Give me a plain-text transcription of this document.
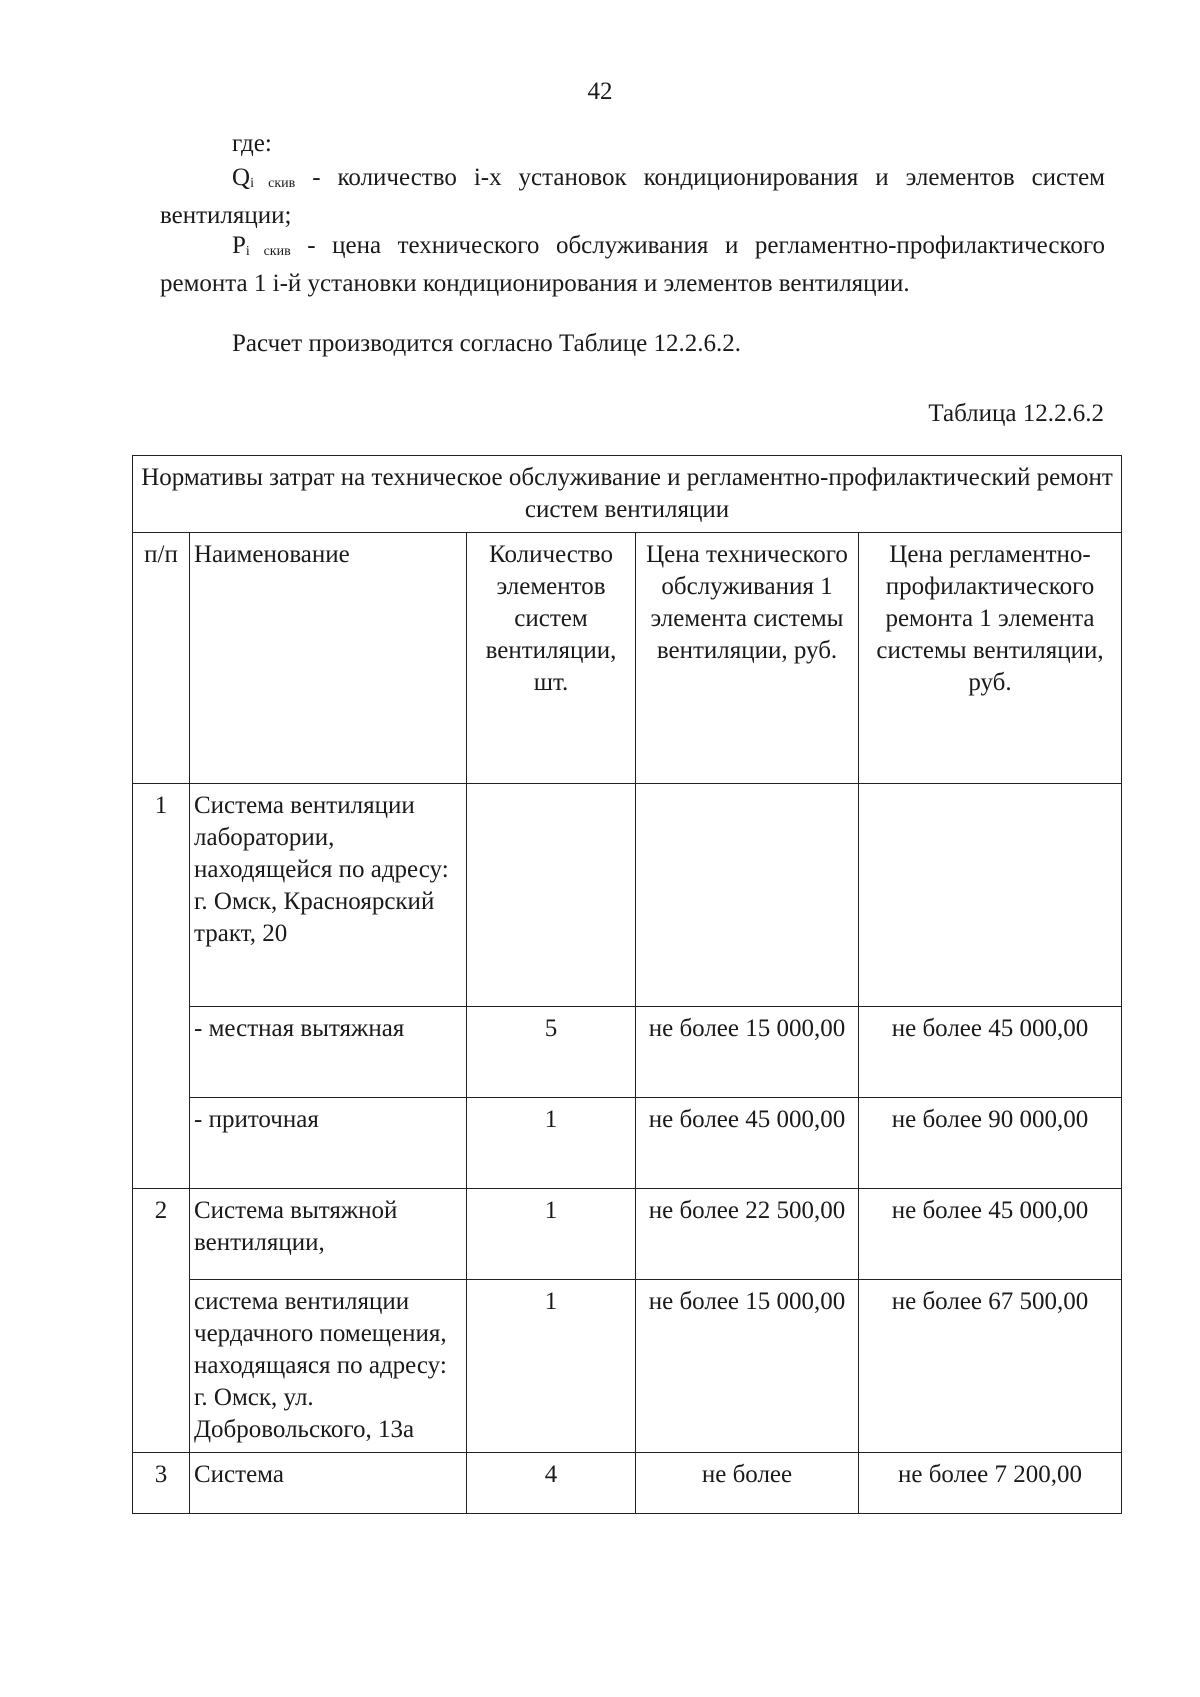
42
где:
$Q_{i скив}$ - количество i-х установок кондиционирования и элементов систем вентиляции;
$P_{i скив}$ - цена технического обслуживания и регламентно-профилактического ремонта 1 i-й установки кондиционирования и элементов вентиляции.
Расчет производится согласно Таблице 12.2.6.2.
Таблица 12.2.6.2
Нормативы затрат на техническое обслуживание и регламентно-профилактический ремонт систем вентиляции				
п/п	Наименование	Количество элементов систем вентиляции, шт.	Цена технического обслуживания 1 элемента системы вентиляции, руб.	Цена регламентно-профилактического ремонта 1 элемента системы вентиляции, руб.
1	Система вентиляции лаборатории, находящейся по адресу: г. Омск, Красноярский тракт, 20			
	- местная вытяжная	5	не более 15 000,00	не более 45 000,00
	- приточная	1	не более 45 000,00	не более 90 000,00
2	Система вытяжной вентиляции,	1	не более 22 500,00	не более 45 000,00
	система вентиляции чердачного помещения, находящаяся по адресу: г. Омск, ул. Добровольского, 13а	1	не более 15 000,00	не более 67 500,00
3	Система	4	не более	не более 7 200,00
